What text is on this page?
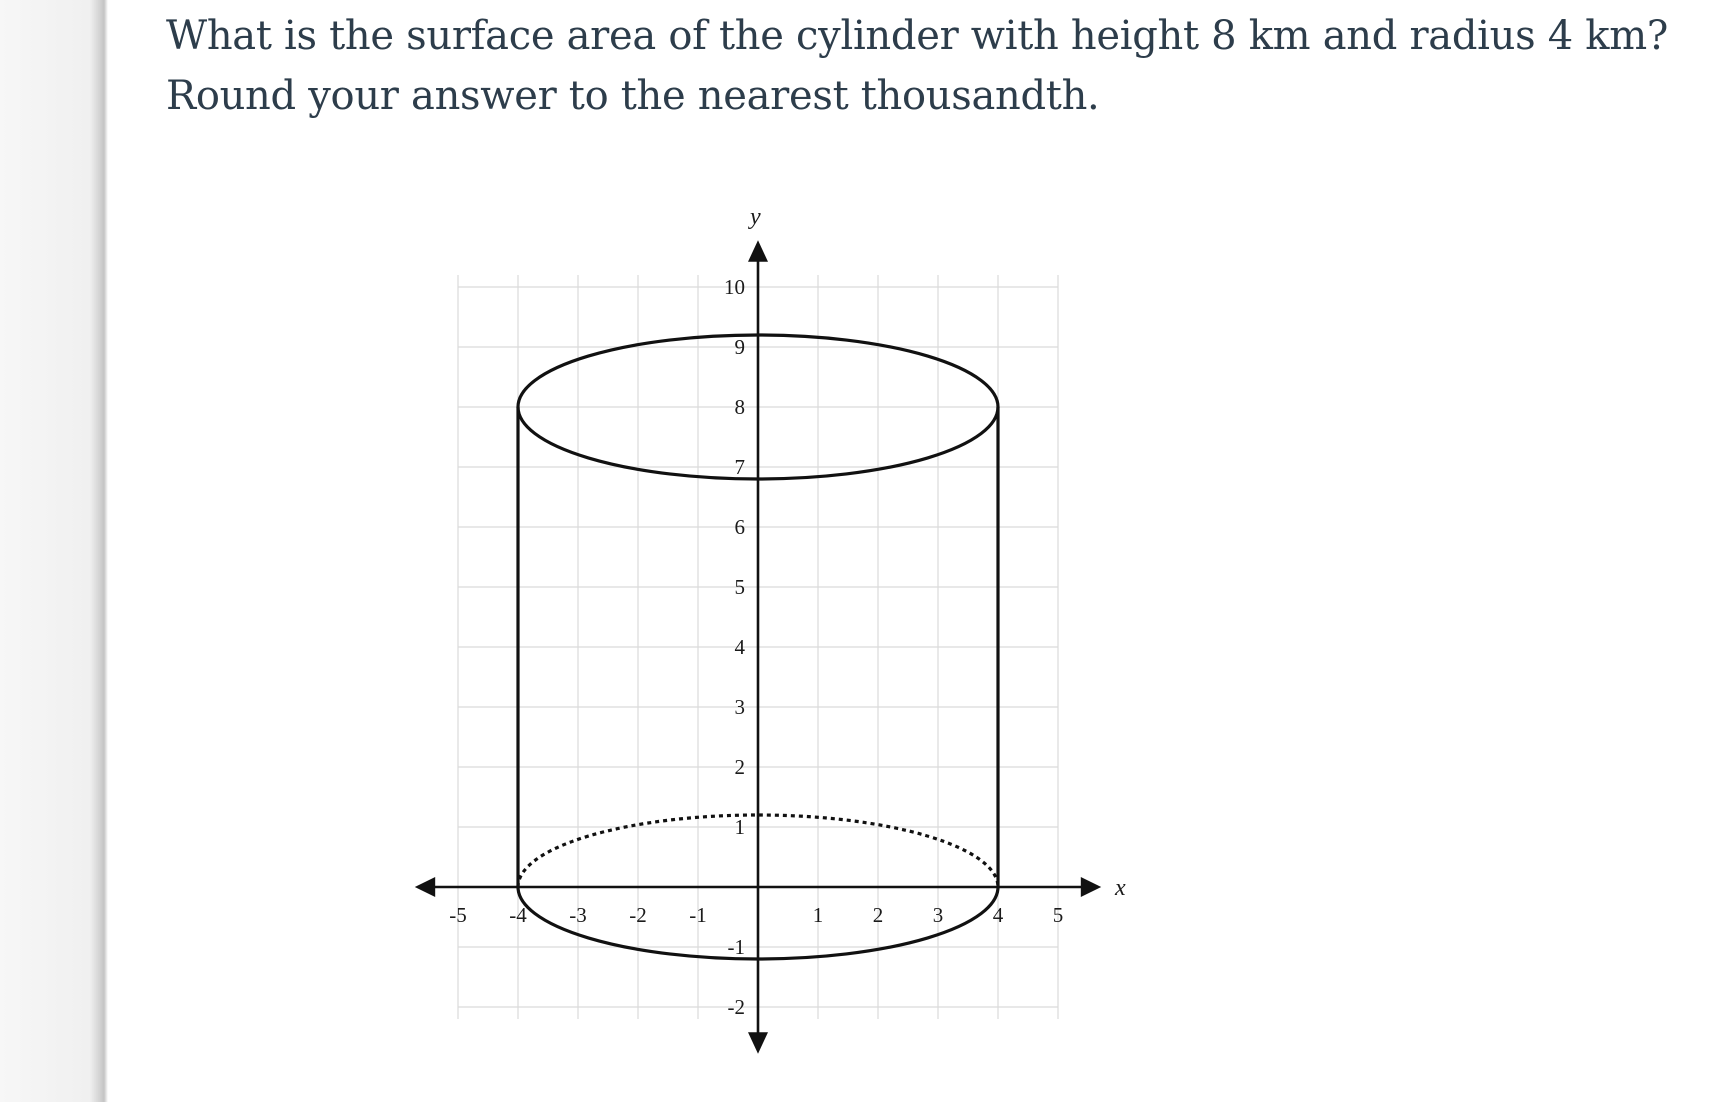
What is the surface area of the cylinder with height 8 km and radius 4 km? Round your answer to the nearest thousandth.

x
y
-5 -4 -3 -2 -1	1 2 3 4 5
10
9
8
7
6
5
4
3
2
1
-1
-2
